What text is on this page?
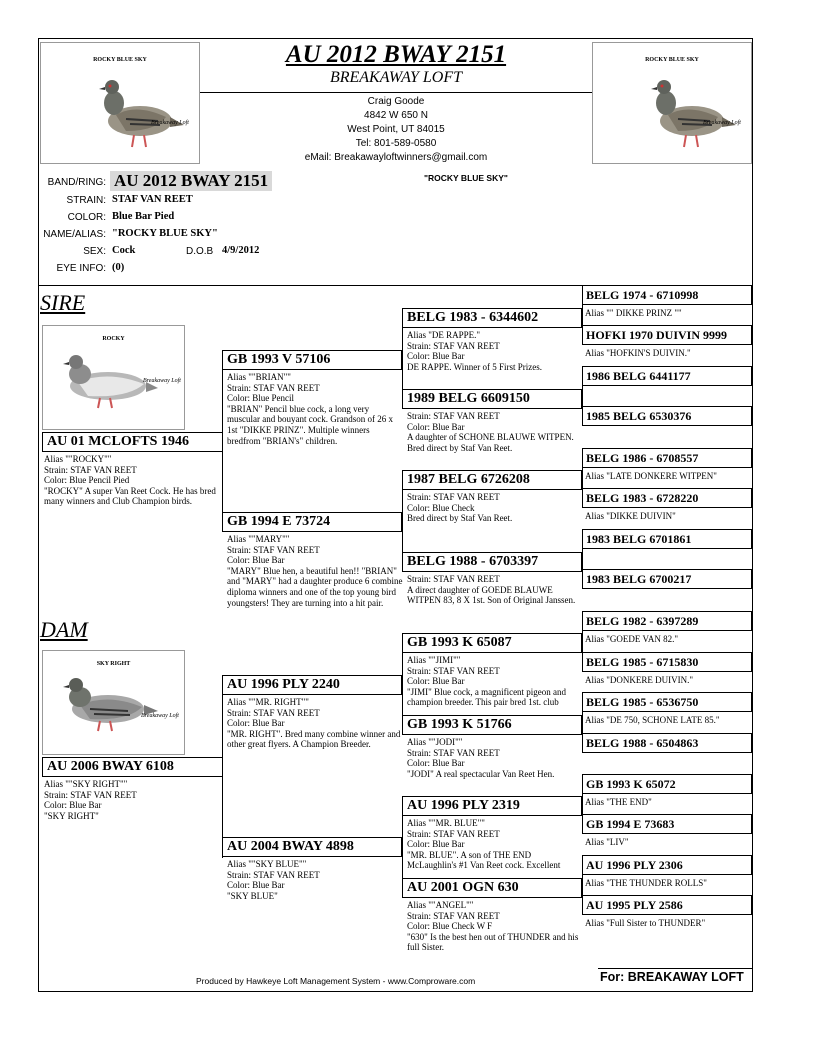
ROCKY BLUE SKY
Breakaway Loft
ROCKY BLUE SKY
Breakaway Loft
AU 2012 BWAY 2151
BREAKAWAY LOFT
Craig Goode
4842 W 650 N
West Point, UT 84015
Tel: 801-589-0580
eMail: Breakawayloftwinners@gmail.com
BAND/RING: AU 2012 BWAY 2151	"ROCKY BLUE SKY"
STRAIN: STAF VAN REET
COLOR: Blue Bar Pied
NAME/ALIAS: "ROCKY BLUE SKY"
SEX: Cock	D.O.B 4/9/2012
EYE INFO: (0)
SIRE
ROCKY
Breakaway Loft
AU 01 MCLOFTS 1946
Alias ""ROCKY""
Strain: STAF VAN REET
Color: Blue Pencil Pied
"ROCKY" A super Van Reet Cock. He has bred many winners and Club Champion birds.
DAM
SKY RIGHT
Breakaway Loft
AU 2006 BWAY 6108
Alias ""SKY RIGHT""
Strain: STAF VAN REET
Color: Blue Bar
"SKY RIGHT"
GB 1993 V 57106
Alias ""BRIAN""
Strain: STAF VAN REET
Color: Blue Pencil
"BRIAN" Pencil blue cock, a long very muscular and bouyant cock. Grandson of 26 x 1st "DIKKE PRINZ". Multiple winners bredfrom "BRIAN's" children.
GB 1994 E 73724
Alias ""MARY""
Strain: STAF VAN REET
Color: Blue Bar
"MARY" Blue hen, a beautiful hen!! "BRIAN" and "MARY" had a daughter produce 6 combine diploma winners and one of the top young bird youngsters! They are turning into a hit pair.
AU 1996 PLY 2240
Alias ""MR. RIGHT""
Strain: STAF VAN REET
Color: Blue Bar
"MR. RIGHT". Bred many combine winner and other great flyers. A Champion Breeder.
AU 2004 BWAY 4898
Alias ""SKY BLUE""
Strain: STAF VAN REET
Color: Blue Bar
"SKY BLUE"
BELG 1983 - 6344602
Alias "DE RAPPE."
Strain: STAF VAN REET
Color: Blue Bar
DE RAPPE. Winner of 5 First Prizes.
1989 BELG 6609150
Strain: STAF VAN REET
Color: Blue Bar
A daughter of SCHONE BLAUWE WITPEN. Bred direct by Staf Van Reet.
1987 BELG 6726208
Strain: STAF VAN REET
Color: Blue Check
Bred direct by Staf Van Reet.
BELG 1988 - 6703397
Strain: STAF VAN REET
A direct daughter of GOEDE BLAUWE WITPEN 83, 8 X 1st. Son of Original Janssen.
GB 1993 K 65087
Alias ""JIMI""
Strain: STAF VAN REET
Color: Blue Bar
"JIMI" Blue cock, a magnificent pigeon and champion breeder. This pair bred 1st. club
GB 1993 K 51766
Alias ""JODI""
Strain: STAF VAN REET
Color: Blue Bar
"JODI" A real spectacular Van Reet Hen.
AU 1996 PLY 2319
Alias ""MR. BLUE""
Strain: STAF VAN REET
Color: Blue Bar
"MR. BLUE". A son of THE END McLaughlin's #1 Van Reet cock. Excellent
AU 2001 OGN 630
Alias ""ANGEL""
Strain: STAF VAN REET
Color: Blue Check W F
"630" Is the best hen out of THUNDER and his full Sister.
BELG 1974 - 6710998
Alias "" DIKKE PRINZ ""
HOFKI 1970 DUIVIN 9999
Alias "HOFKIN'S DUIVIN."
1986 BELG 6441177
1985 BELG 6530376
BELG 1986 - 6708557
Alias "LATE DONKERE WITPEN"
BELG 1983 - 6728220
Alias "DIKKE DUIVIN"
1983 BELG 6701861
1983 BELG 6700217
BELG 1982 - 6397289
Alias "GOEDE VAN 82."
BELG 1985 - 6715830
Alias "DONKERE DUIVIN."
BELG 1985 - 6536750
Alias "DE 750, SCHONE LATE 85."
BELG 1988 - 6504863
GB 1993 K 65072
Alias "THE END"
GB 1994 E 73683
Alias "LIV"
AU 1996 PLY 2306
Alias "THE THUNDER ROLLS"
AU 1995 PLY 2586
Alias "Full Sister to THUNDER"
Produced by Hawkeye Loft Management System - www.Comproware.com	For: BREAKAWAY LOFT
